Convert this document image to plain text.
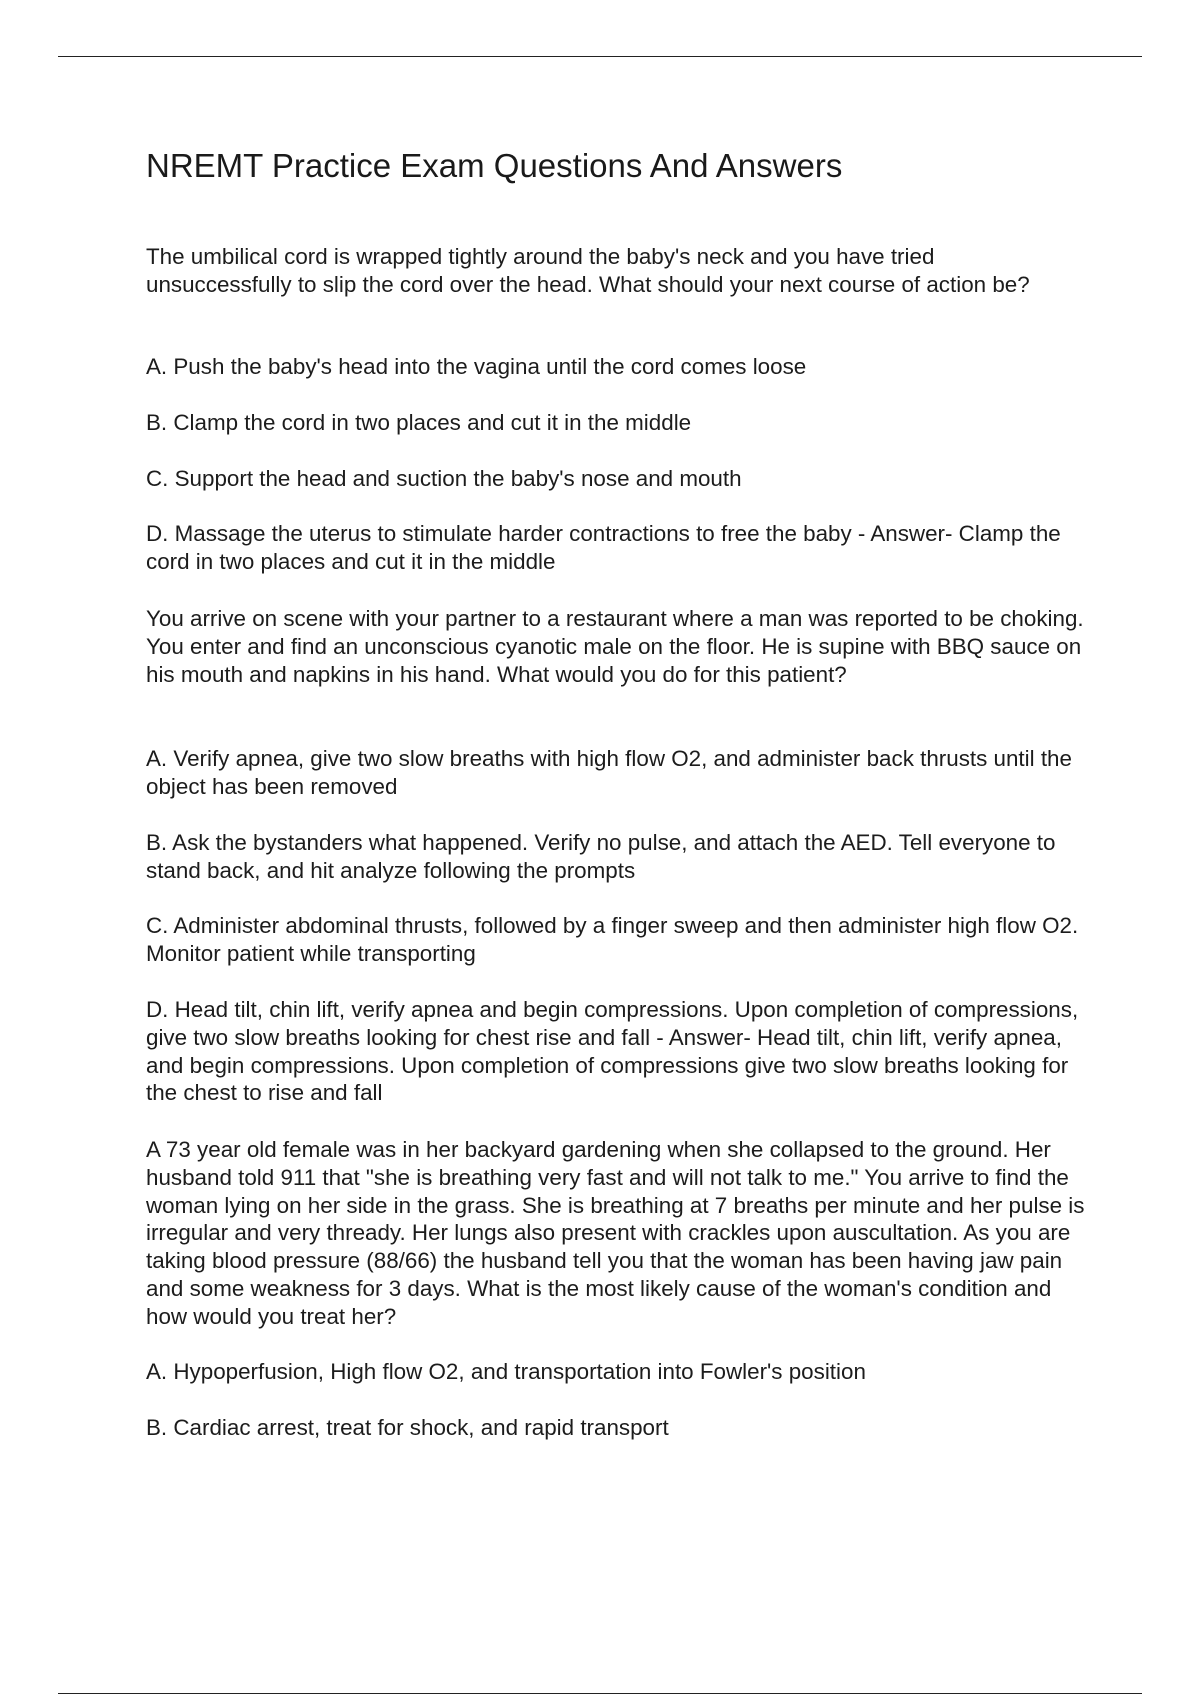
NREMT Practice Exam Questions And Answers

The umbilical cord is wrapped tightly around the baby's neck and you have tried unsuccessfully to slip the cord over the head. What should your next course of action be?

A. Push the baby's head into the vagina until the cord comes loose

B. Clamp the cord in two places and cut it in the middle

C. Support the head and suction the baby's nose and mouth

D. Massage the uterus to stimulate harder contractions to free the baby - Answer- Clamp the cord in two places and cut it in the middle

You arrive on scene with your partner to a restaurant where a man was reported to be choking. You enter and find an unconscious cyanotic male on the floor. He is supine with BBQ sauce on his mouth and napkins in his hand. What would you do for this patient?

A. Verify apnea, give two slow breaths with high flow O2, and administer back thrusts until the object has been removed

B. Ask the bystanders what happened. Verify no pulse, and attach the AED. Tell everyone to stand back, and hit analyze following the prompts

C. Administer abdominal thrusts, followed by a finger sweep and then administer high flow O2. Monitor patient while transporting

D. Head tilt, chin lift, verify apnea and begin compressions. Upon completion of compressions, give two slow breaths looking for chest rise and fall - Answer- Head tilt, chin lift, verify apnea, and begin compressions. Upon completion of compressions give two slow breaths looking for the chest to rise and fall

A 73 year old female was in her backyard gardening when she collapsed to the ground. Her husband told 911 that "she is breathing very fast and will not talk to me." You arrive to find the woman lying on her side in the grass. She is breathing at 7 breaths per minute and her pulse is irregular and very thready. Her lungs also present with crackles upon auscultation. As you are taking blood pressure (88/66) the husband tell you that the woman has been having jaw pain and some weakness for 3 days. What is the most likely cause of the woman's condition and how would you treat her?

A. Hypoperfusion, High flow O2, and transportation into Fowler's position

B. Cardiac arrest, treat for shock, and rapid transport
